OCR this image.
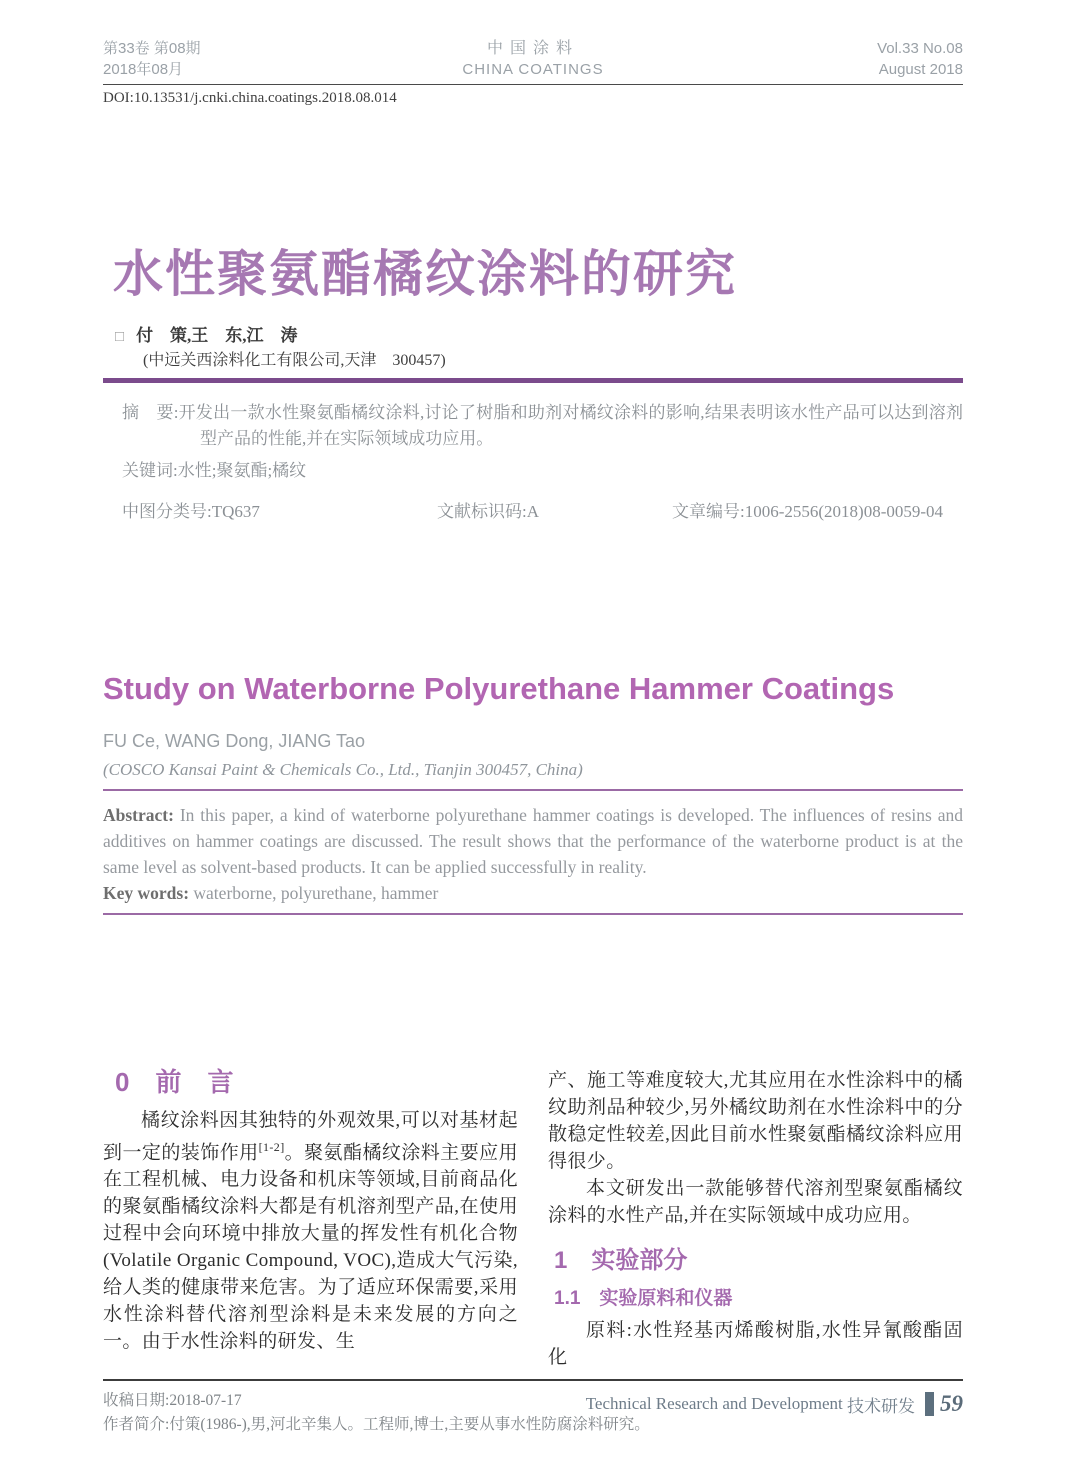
第33卷 第08期
2018年08月
中国涂料
CHINA COATINGS
Vol.33 No.08
August 2018
DOI:10.13531/j.cnki.china.coatings.2018.08.014
水性聚氨酯橘纹涂料的研究
□ 付　策,王　东,江　涛
(中远关西涂料化工有限公司,天津　300457)

摘　要:开发出一款水性聚氨酯橘纹涂料,讨论了树脂和助剂对橘纹涂料的影响,结果表明该水性产品可以达到溶剂型产品的性能,并在实际领域成功应用。

关键词:水性;聚氨酯;橘纹

中图分类号:TQ637	文献标识码:A	文章编号:1006-2556(2018)08-0059-04
Study on Waterborne Polyurethane Hammer Coatings
FU Ce, WANG Dong, JIANG Tao
(COSCO Kansai Paint & Chemicals Co., Ltd., Tianjin 300457, China)

Abstract: In this paper, a kind of waterborne polyurethane hammer coatings is developed. The influences of resins and additives on hammer coatings are discussed. The result shows that the performance of the waterborne product is at the same level as solvent-based products. It can be applied successfully in reality.

Key words: waterborne, polyurethane, hammer

0　前　言

橘纹涂料因其独特的外观效果,可以对基材起到一定的装饰作用[1-2]。聚氨酯橘纹涂料主要应用在工程机械、电力设备和机床等领域,目前商品化的聚氨酯橘纹涂料大都是有机溶剂型产品,在使用过程中会向环境中排放大量的挥发性有机化合物(Volatile Organic Compound, VOC),造成大气污染,给人类的健康带来危害。为了适应环保需要,采用水性涂料替代溶剂型涂料是未来发展的方向之一。由于水性涂料的研发、生

产、施工等难度较大,尤其应用在水性涂料中的橘纹助剂品种较少,另外橘纹助剂在水性涂料中的分散稳定性较差,因此目前水性聚氨酯橘纹涂料应用得很少。

本文研发出一款能够替代溶剂型聚氨酯橘纹涂料的水性产品,并在实际领域中成功应用。

1　实验部分
1.1　实验原料和仪器

原料:水性羟基丙烯酸树脂,水性异氰酸酯固化

收稿日期:2018-07-17
作者简介:付策(1986-),男,河北辛集人。工程师,博士,主要从事水性防腐涂料研究。
Technical Research and Development
技术研发 59
